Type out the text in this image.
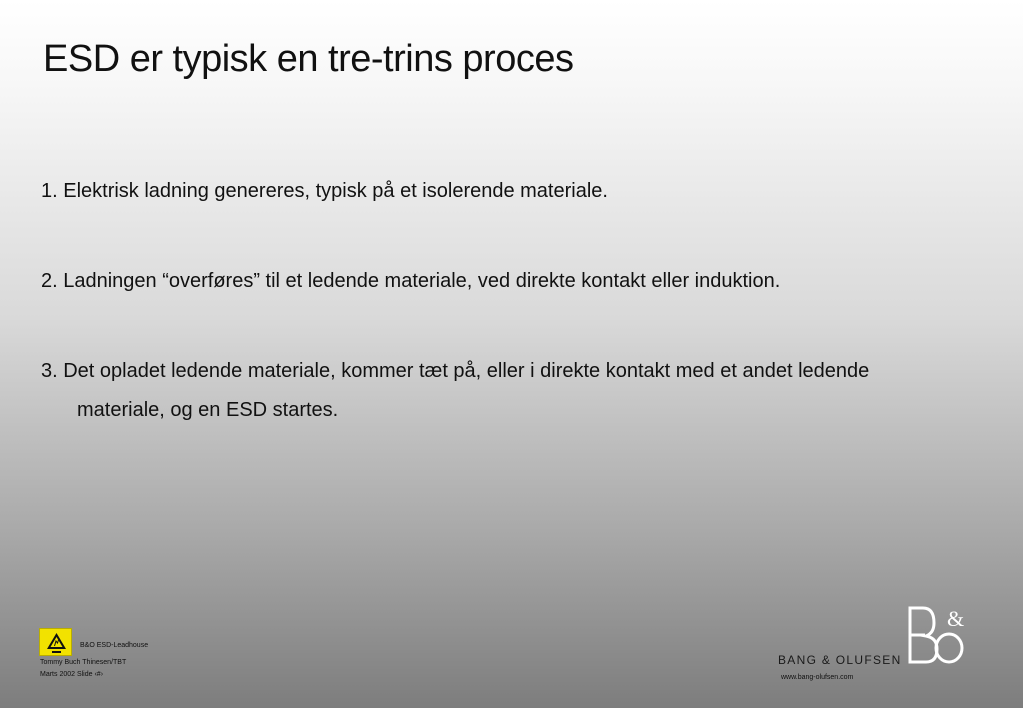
ESD er typisk en tre-trins proces
1. Elektrisk ladning genereres, typisk på et isolerende materiale.
2. Ladningen “overføres” til et ledende materiale, ved direkte kontakt eller induktion.
3. Det opladet ledende materiale, kommer tæt på, eller i direkte kontakt med et andet ledende materiale, og en ESD startes.
B&O ESD-Leadhouse
Tommy Buch Thinesen/TBT
Marts 2002 Slide ‹#›
BANG & OLUFSEN
&
www.bang-olufsen.com
